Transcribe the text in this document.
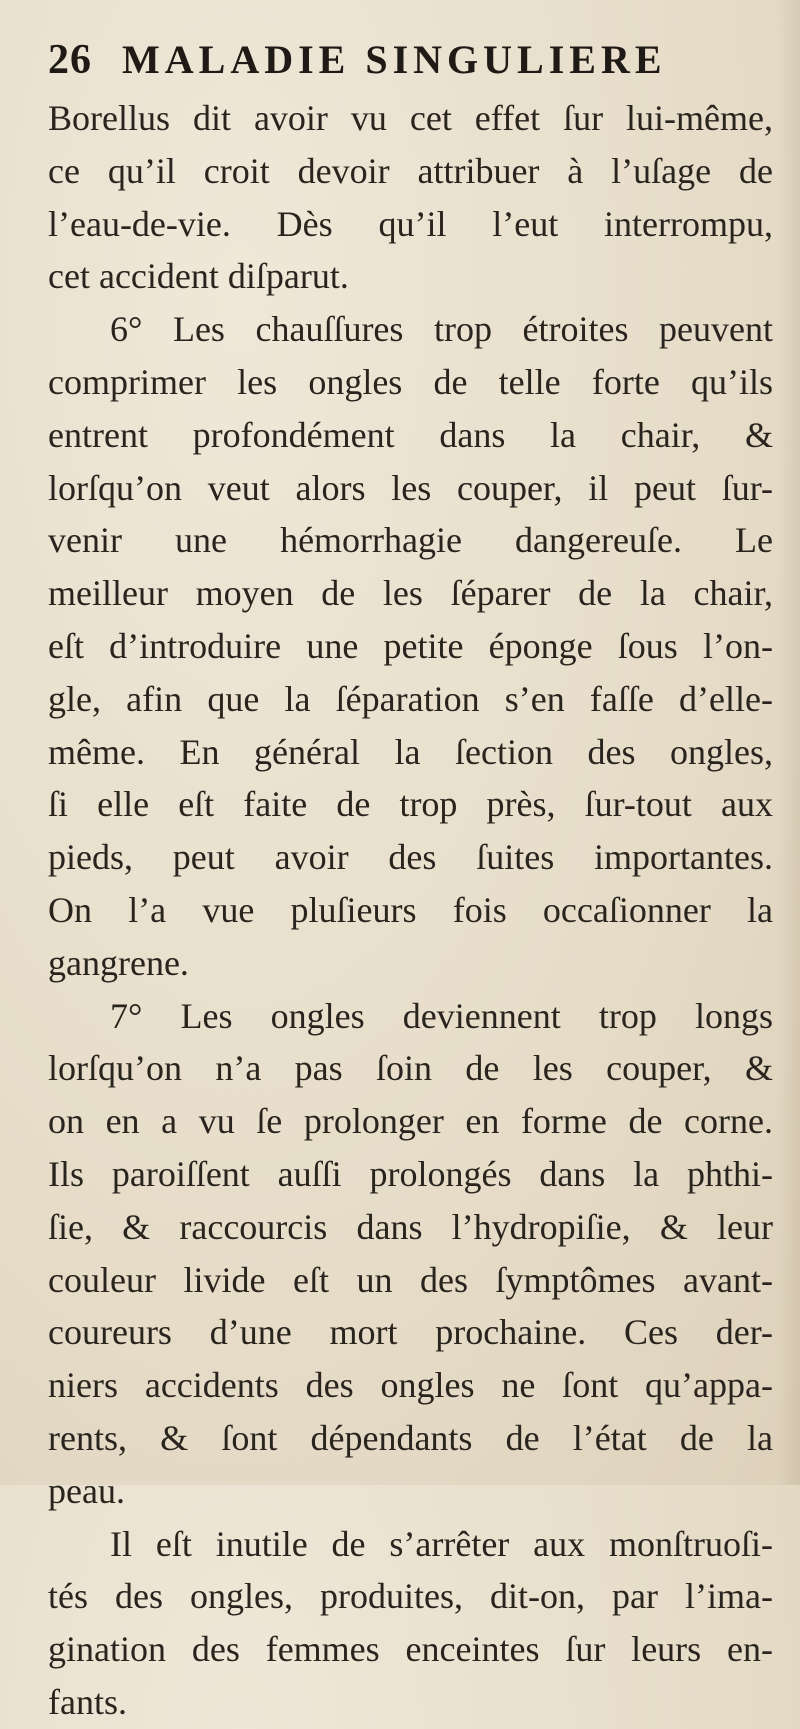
26 MALADIE SINGULIERE
Borellus dit avoir vu cet effet ſur lui-même,
ce qu’il croit devoir attribuer à l’uſage de
l’eau-de-vie. Dès qu’il l’eut interrompu,
cet accident diſparut.
6° Les chauſſures trop étroites peuvent
comprimer les ongles de telle forte qu’ils
entrent profondément dans la chair, &
lorſqu’on veut alors les couper, il peut ſur-
venir une hémorrhagie dangereuſe. Le
meilleur moyen de les ſéparer de la chair,
eſt d’introduire une petite éponge ſous l’on-
gle, afin que la ſéparation s’en faſſe d’elle-
même. En général la ſection des ongles,
ſi elle eſt faite de trop près, ſur-tout aux
pieds, peut avoir des ſuites importantes.
On l’a vue pluſieurs fois occaſionner la
gangrene.
7° Les ongles deviennent trop longs
lorſqu’on n’a pas ſoin de les couper, &
on en a vu ſe prolonger en forme de corne.
Ils paroiſſent auſſi prolongés dans la phthi-
ſie, & raccourcis dans l’hydropiſie, & leur
couleur livide eſt un des ſymptômes avant-
coureurs d’une mort prochaine. Ces der-
niers accidents des ongles ne ſont qu’appa-
rents, & ſont dépendants de l’état de la
peau.
Il eſt inutile de s’arrêter aux monſtruoſi-
tés des ongles, produites, dit-on, par l’ima-
gination des femmes enceintes ſur leurs en-
fants.
